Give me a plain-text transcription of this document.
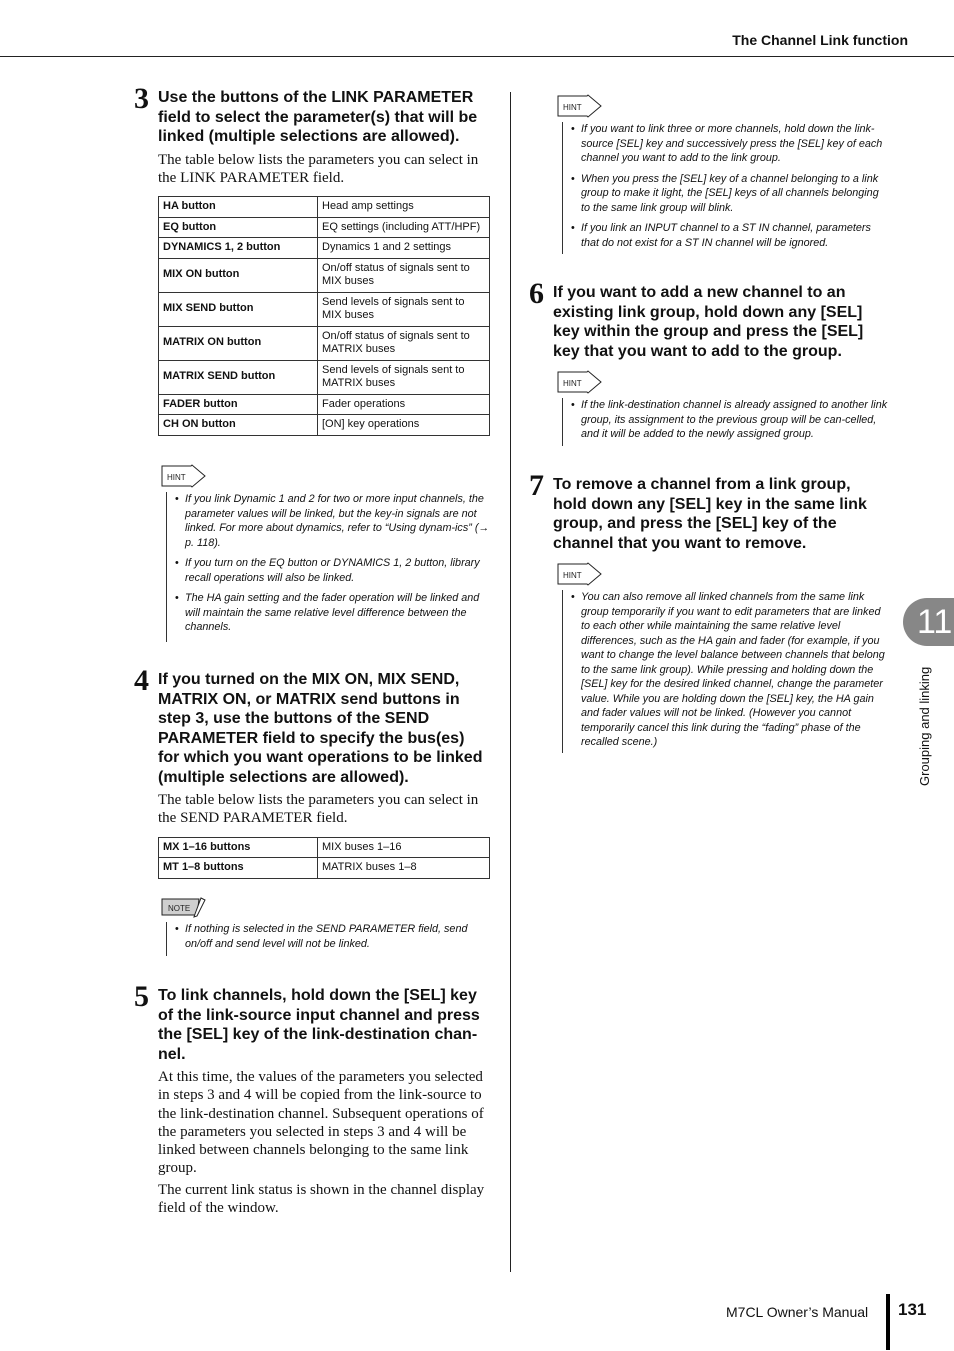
The Channel Link function
3 Use the buttons of the LINK PARAMETER field to select the parameter(s) that will be linked (multiple selections are allowed).

The table below lists the parameters you can select in the LINK PARAMETER field.

HA button	Head amp settings
EQ button	EQ settings (including ATT/HPF)
DYNAMICS 1, 2 button	Dynamics 1 and 2 settings
MIX ON button	On/off status of signals sent to MIX buses
MIX SEND button	Send levels of signals sent to MIX buses
MATRIX ON button	On/off status of signals sent to MATRIX buses
MATRIX SEND button	Send levels of signals sent to MATRIX buses
FADER button	Fader operations
CH ON button	[ON] key operations
HINT
• If you link Dynamic 1 and 2 for two or more input channels, the parameter values will be linked, but the key-in signals are not linked. For more about dynamics, refer to “Using dynam-ics” (→ p. 118).
• If you turn on the EQ button or DYNAMICS 1, 2 button, library recall operations will also be linked.
• The HA gain setting and the fader operation will be linked and will maintain the same relative level difference between the channels.
4 If you turned on the MIX ON, MIX SEND, MATRIX ON, or MATRIX send buttons in step 3, use the buttons of the SEND PARAMETER field to specify the bus(es) for which you want operations to be linked (multiple selections are allowed).

The table below lists the parameters you can select in the SEND PARAMETER field.

MX 1–16 buttons	MIX buses 1–16
MT 1–8 buttons	MATRIX buses 1–8
NOTE
• If nothing is selected in the SEND PARAMETER field, send on/off and send level will not be linked.
5 To link channels, hold down the [SEL] key of the link-source input channel and press the [SEL] key of the link-destination chan-nel.

At this time, the values of the parameters you selected in steps 3 and 4 will be copied from the link-source to the link-destination channel. Subsequent operations of the parameters you selected in steps 3 and 4 will be linked between channels belonging to the same link group.

The current link status is shown in the channel display field of the window.

HINT
• If you want to link three or more channels, hold down the link-source [SEL] key and successively press the [SEL] key of each channel you want to add to the link group.
• When you press the [SEL] key of a channel belonging to a link group to make it light, the [SEL] keys of all channels belonging to the same link group will blink.
• If you link an INPUT channel to a ST IN channel, parameters that do not exist for a ST IN channel will be ignored.
6 If you want to add a new channel to an existing link group, hold down any [SEL] key within the group and press the [SEL] key that you want to add to the group.

HINT
• If the link-destination channel is already assigned to another link group, its assignment to the previous group will be can-celled, and it will be added to the newly assigned group.
7 To remove a channel from a link group, hold down any [SEL] key in the same link group, and press the [SEL] key of the channel that you want to remove.

HINT
• You can also remove all linked channels from the same link group temporarily if you want to edit parameters that are linked to each other while maintaining the same relative level differences, such as the HA gain and fader (for example, if you want to change the level balance between channels that belong to the same link group). While pressing and holding down the [SEL] key for the desired linked channel, change the parameter value. While you are holding down the [SEL] key, the HA gain and fader values will not be linked. (However you cannot temporarily cancel this link during the “fading” phase of the recalled scene.)
11
Grouping and linking
M7CL Owner’s Manual 131
